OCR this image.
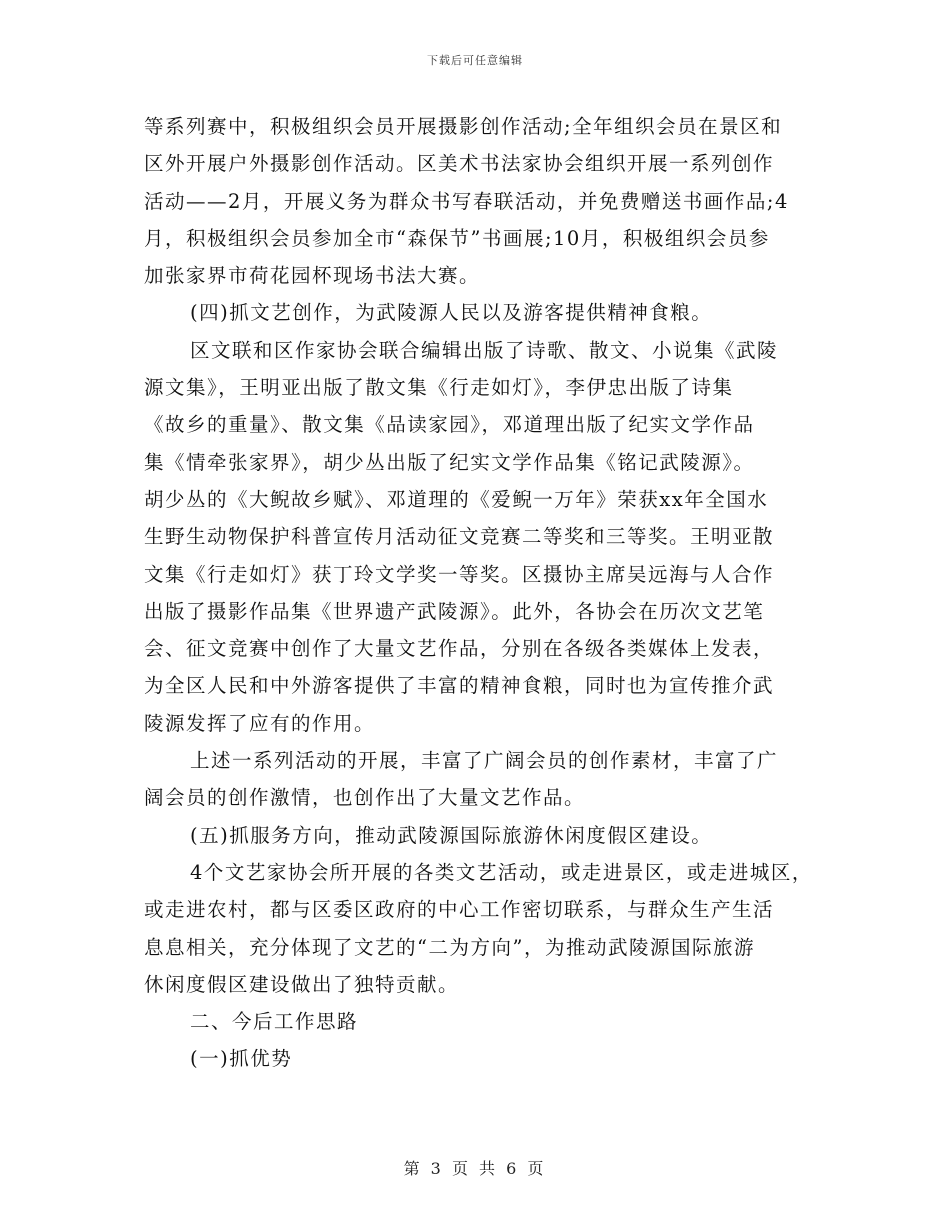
下载后可任意编辑
等系列赛中，积极组织会员开展摄影创作活动;全年组织会员在景区和
区外开展户外摄影创作活动。区美术书法家协会组织开展一系列创作
活动——2月，开展义务为群众书写春联活动，并免费赠送书画作品;4
月，积极组织会员参加全市“森保节”书画展;10月，积极组织会员参
加张家界市荷花园杯现场书法大赛。
(四)抓文艺创作，为武陵源人民以及游客提供精神食粮。
区文联和区作家协会联合编辑出版了诗歌、散文、小说集《武陵
源文集》，王明亚出版了散文集《行走如灯》，李伊忠出版了诗集
《故乡的重量》、散文集《品读家园》，邓道理出版了纪实文学作品
集《情牵张家界》，胡少丛出版了纪实文学作品集《铭记武陵源》。
胡少丛的《大鲵故乡赋》、邓道理的《爱鲵一万年》荣获xx年全国水
生野生动物保护科普宣传月活动征文竞赛二等奖和三等奖。王明亚散
文集《行走如灯》获丁玲文学奖一等奖。区摄协主席吴远海与人合作
出版了摄影作品集《世界遗产武陵源》。此外，各协会在历次文艺笔
会、征文竞赛中创作了大量文艺作品，分别在各级各类媒体上发表，
为全区人民和中外游客提供了丰富的精神食粮，同时也为宣传推介武
陵源发挥了应有的作用。
上述一系列活动的开展，丰富了广阔会员的创作素材，丰富了广
阔会员的创作激情，也创作出了大量文艺作品。
(五)抓服务方向，推动武陵源国际旅游休闲度假区建设。
4个文艺家协会所开展的各类文艺活动，或走进景区，或走进城区，
或走进农村，都与区委区政府的中心工作密切联系，与群众生产生活
息息相关，充分体现了文艺的“二为方向”，为推动武陵源国际旅游
休闲度假区建设做出了独特贡献。
二、今后工作思路
(一)抓优势
第 3 页 共 6 页
